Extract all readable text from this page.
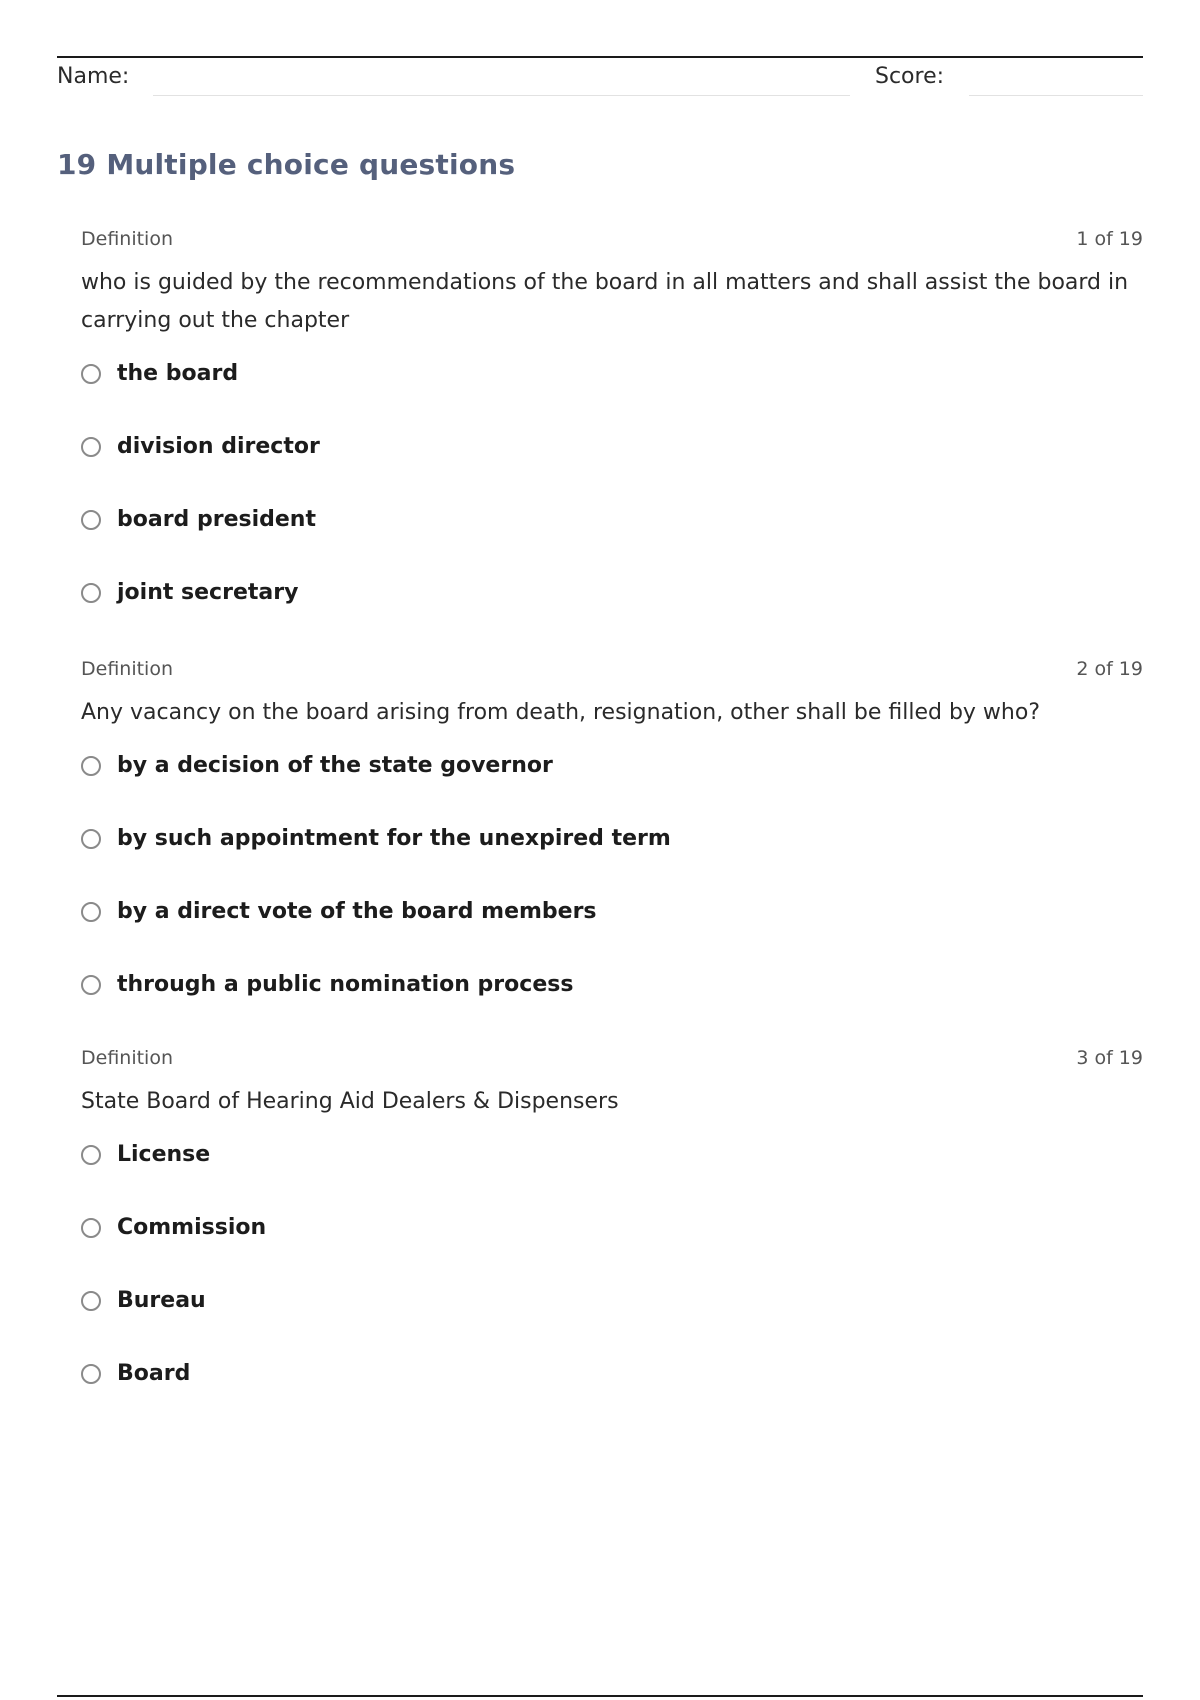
Name:	Score:
19 Multiple choice questions
Definition	1 of 19
who is guided by the recommendations of the board in all matters and shall assist the board in carrying out the chapter
the board
division director
board president
joint secretary
Definition	2 of 19
Any vacancy on the board arising from death, resignation, other shall be filled by who?
by a decision of the state governor
by such appointment for the unexpired term
by a direct vote of the board members
through a public nomination process
Definition	3 of 19
State Board of Hearing Aid Dealers & Dispensers
License
Commission
Bureau
Board
